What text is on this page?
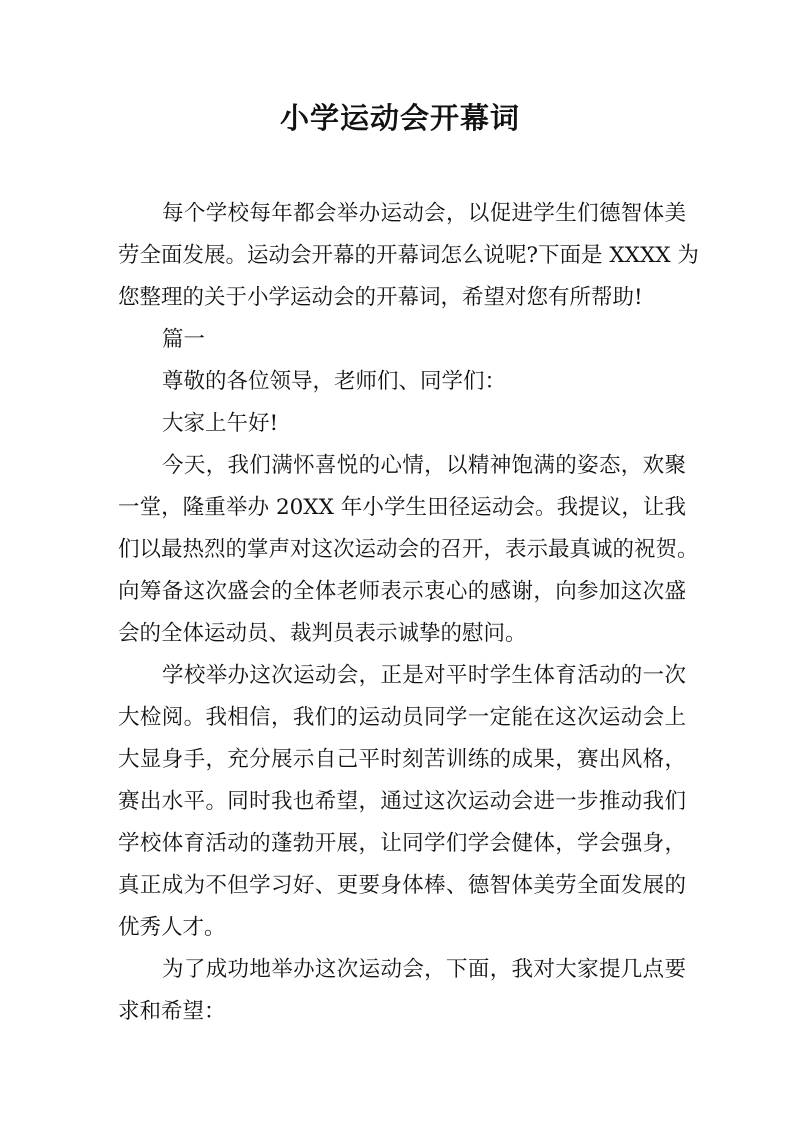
小学运动会开幕词
每个学校每年都会举办运动会，以促进学生们德智体美
劳全面发展。运动会开幕的开幕词怎么说呢?下面是 XXXX 为
您整理的关于小学运动会的开幕词，希望对您有所帮助!
篇一
尊敬的各位领导，老师们、同学们：
大家上午好!
今天，我们满怀喜悦的心情，以精神饱满的姿态，欢聚
一堂，隆重举办 20XX 年小学生田径运动会。我提议，让我
们以最热烈的掌声对这次运动会的召开，表示最真诚的祝贺。
向筹备这次盛会的全体老师表示衷心的感谢，向参加这次盛
会的全体运动员、裁判员表示诚挚的慰问。
学校举办这次运动会，正是对平时学生体育活动的一次
大检阅。我相信，我们的运动员同学一定能在这次运动会上
大显身手，充分展示自己平时刻苦训练的成果，赛出风格，
赛出水平。同时我也希望，通过这次运动会进一步推动我们
学校体育活动的蓬勃开展，让同学们学会健体，学会强身，
真正成为不但学习好、更要身体棒、德智体美劳全面发展的
优秀人才。
为了成功地举办这次运动会，下面，我对大家提几点要
求和希望：
